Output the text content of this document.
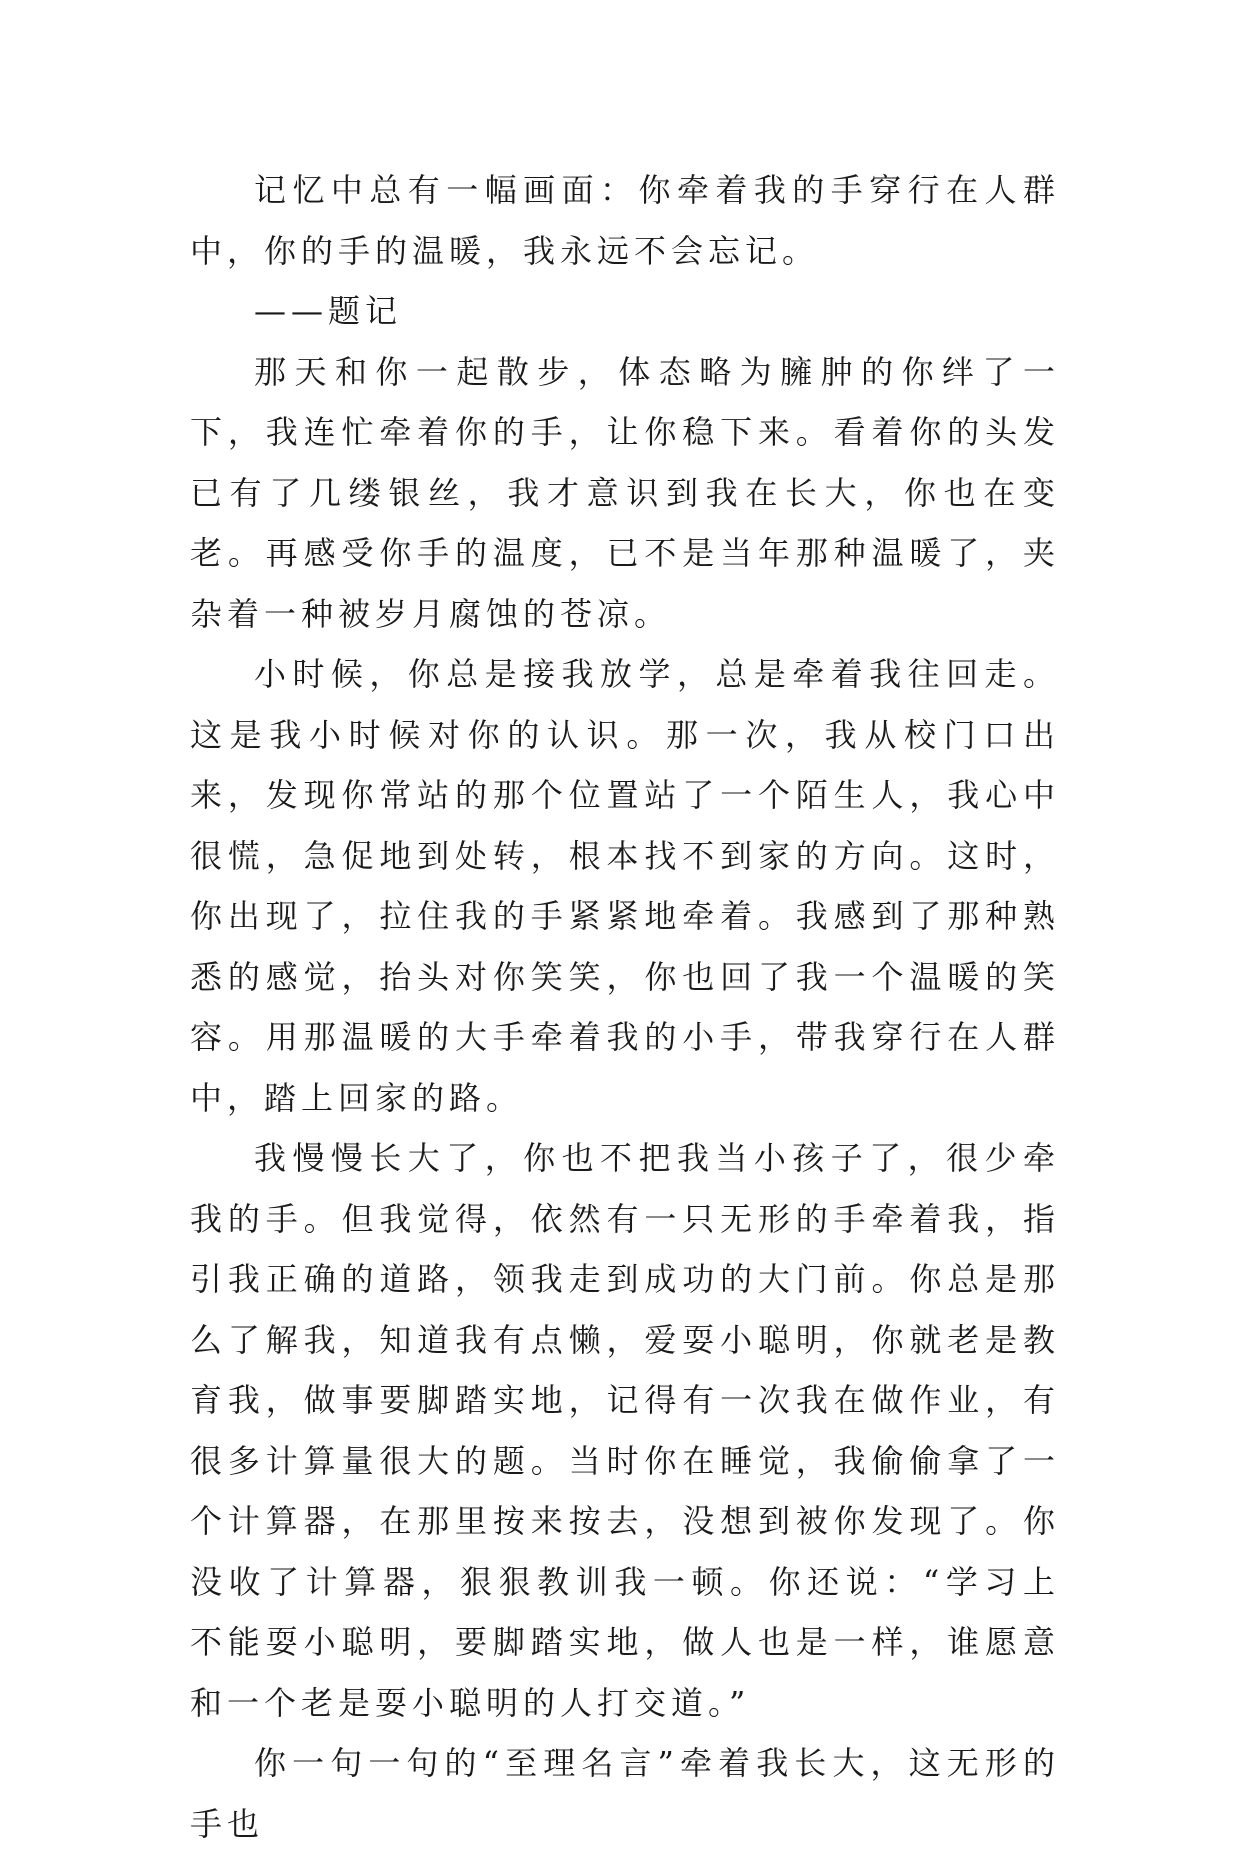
记忆中总有一幅画面：你牵着我的手穿行在人群中，你的手的温暖，我永远不会忘记。

——题记

那天和你一起散步，体态略为臃肿的你绊了一下，我连忙牵着你的手，让你稳下来。看着你的头发已有了几缕银丝，我才意识到我在长大，你也在变老。再感受你手的温度，已不是当年那种温暖了，夹杂着一种被岁月腐蚀的苍凉。

小时候，你总是接我放学，总是牵着我往回走。这是我小时候对你的认识。那一次，我从校门口出来，发现你常站的那个位置站了一个陌生人，我心中很慌，急促地到处转，根本找不到家的方向。这时，你出现了，拉住我的手紧紧地牵着。我感到了那种熟悉的感觉，抬头对你笑笑，你也回了我一个温暖的笑容。用那温暖的大手牵着我的小手，带我穿行在人群中，踏上回家的路。

我慢慢长大了，你也不把我当小孩子了，很少牵我的手。但我觉得，依然有一只无形的手牵着我，指引我正确的道路，领我走到成功的大门前。你总是那么了解我，知道我有点懒，爱耍小聪明，你就老是教育我，做事要脚踏实地，记得有一次我在做作业，有很多计算量很大的题。当时你在睡觉，我偷偷拿了一个计算器，在那里按来按去，没想到被你发现了。你没收了计算器，狠狠教训我一顿。你还说：“学习上不能耍小聪明，要脚踏实地，做人也是一样，谁愿意和一个老是耍小聪明的人打交道。”

你一句一句的“至理名言”牵着我长大，这无形的手也
